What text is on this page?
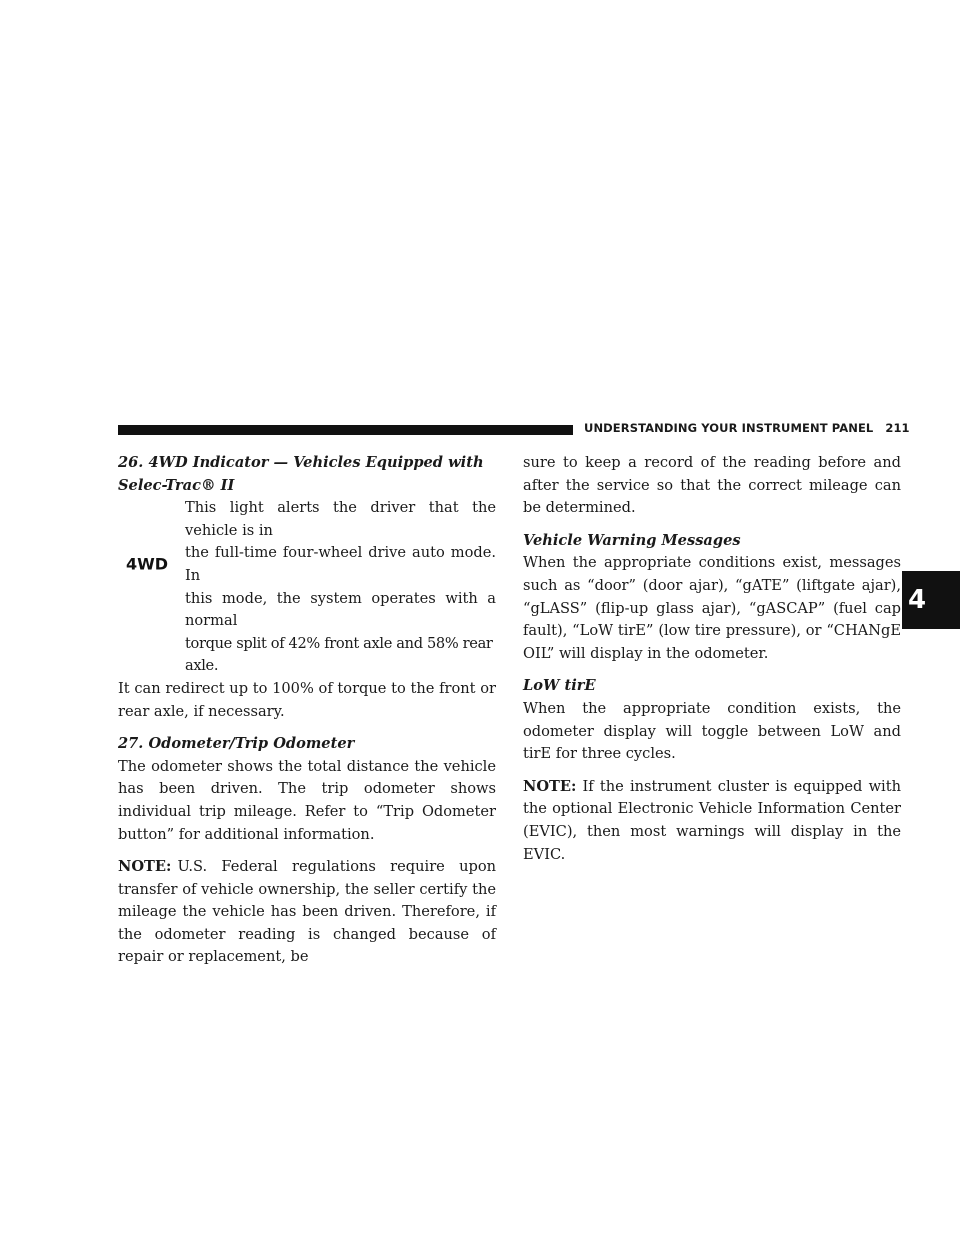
UNDERSTANDING YOUR INSTRUMENT PANEL 211
4

26. 4WD Indicator — Vehicles Equipped with
Selec-Trac® II

4WD

This light alerts the driver that the vehicle is in

the full-time four-wheel drive auto mode. In

this mode, the system operates with a normal

torque split of 42% front axle and 58% rear axle.

It can redirect up to 100% of torque to the front or rear axle, if necessary.

27. Odometer/Trip Odometer

The odometer shows the total distance the vehicle has been driven. The trip odometer shows individual trip mileage. Refer to “Trip Odometer button” for additional information.

NOTE: U.S. Federal regulations require upon transfer of vehicle ownership, the seller certify the mileage the vehicle has been driven. Therefore, if the odometer reading is changed because of repair or replacement, be

sure to keep a record of the reading before and after the service so that the correct mileage can be determined.

Vehicle Warning Messages

When the appropriate conditions exist, messages such as “door” (door ajar), “gATE” (liftgate ajar), “gLASS” (flip-up glass ajar), “gASCAP” (fuel cap fault), “LoW tirE” (low tire pressure), or “CHANgE OIL” will display in the odometer.

LoW tirE

When the appropriate condition exists, the odometer display will toggle between LoW and tirE for three cycles.

NOTE: If the instrument cluster is equipped with the optional Electronic Vehicle Information Center (EVIC), then most warnings will display in the EVIC.
